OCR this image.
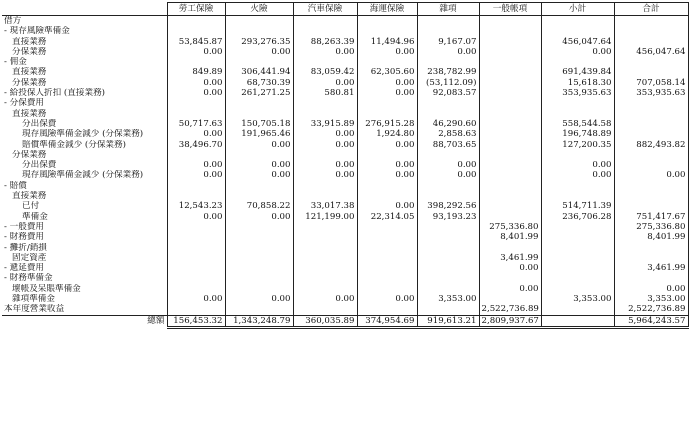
	勞工保險	火險	汽車保險	海運保險	雜項	一般帳項	小計	合計
借方								
- 現存風險準備金								
直接業務	53,845.87	293,276.35	88,263.39	11,494.96	9,167.07		456,047.64	
分保業務	0.00	0.00	0.00	0.00	0.00		0.00	456,047.64
- 佣金								
直接業務	849.89	306,441.94	83,059.42	62,305.60	238,782.99		691,439.84	
分保業務	0.00	68,730.39	0.00	0.00	(53,112.09)		15,618.30	707,058.14
- 給投保人折扣 (直接業務)	0.00	261,271.25	580.81	0.00	92,083.57		353,935.63	353,935.63
- 分保費用								
直接業務								
分出保費	50,717.63	150,705.18	33,915.89	276,915.28	46,290.60		558,544.58	
現存風險準備金減少 (分保業務)	0.00	191,965.46	0.00	1,924.80	2,858.63		196,748.89	
賠償準備金減少 (分保業務)	38,496.70	0.00	0.00	0.00	88,703.65		127,200.35	882,493.82
分保業務								
分出保費	0.00	0.00	0.00	0.00	0.00		0.00	
現存風險準備金減少 (分保業務)	0.00	0.00	0.00	0.00	0.00		0.00	0.00
- 賠償								
直接業務								
已付	12,543.23	70,858.22	33,017.38	0.00	398,292.56		514,711.39	
準備金	0.00	0.00	121,199.00	22,314.05	93,193.23		236,706.28	751,417.67
- 一般費用						275,336.80		275,336.80
- 財務費用						8,401.99		8,401.99
- 攤折/銷損								
固定資產						3,461.99		
- 遞延費用						0.00		3,461.99
- 財務準備金								
壞帳及呆賬準備金						0.00		0.00
雜項準備金	0.00	0.00	0.00	0.00	3,353.00		3,353.00	3,353.00
本年度營業收益						2,522,736.89		2,522,736.89
總額	156,453.32	1,343,248.79	360,035.89	374,954.69	919,613.21	2,809,937.67		5,964,243.57
